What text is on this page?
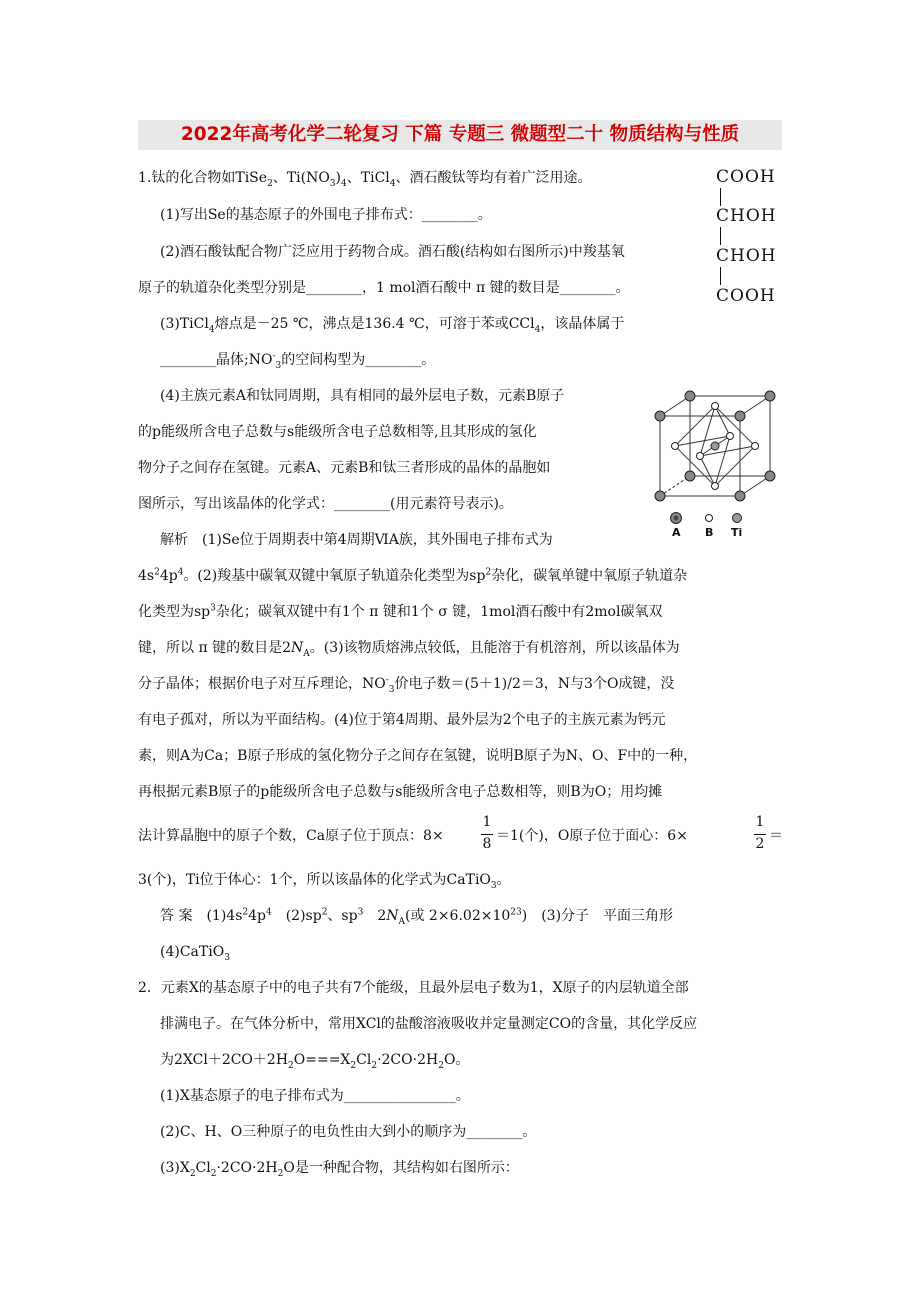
2022年高考化学二轮复习 下篇 专题三 微题型二十 物质结构与性质
1.钛的化合物如TiSe$_2$、$Ti(NO_3)_4$、TiCl$_4$、酒石酸钛等均有着广泛用途。
(1)写出Se的基态原子的外围电子排布式：________。
(2)酒石酸钛配合物广泛应用于药物合成。酒石酸(结构如右图所示)中羧基氧
原子的轨道杂化类型分别是________，1 mol酒石酸中 π 键的数目是________。
(3)TiCl$_4$熔点是－25 ℃，沸点是136.4 ℃，可溶于苯或CCl$_4$，该晶体属于
________晶体$;NO^-_3$的空间构型为________。
COOH
CHOH
CHOH
COOH
(4)主族元素A和钛同周期，具有相同的最外层电子数，元素B原子
的p能级所含电子总数与s能级所含电子总数相等,且其形成的氢化
物分子之间存在氢键。元素A、元素B和钛三者形成的晶体的晶胞如
图所示，写出该晶体的化学式：________(用元素符号表示)。
A B Ti
解析　(1)Se位于周期表中第4周期ⅥA族，其外围电子排布式为
$4s^24p^4$。(2)羧基中碳氧双键中氧原子轨道杂化类型为$sp^2$杂化，碳氧单键中氧原子轨道杂
化类型为$sp^3$杂化；碳氧双键中有1个 π 键和1个 σ 键，1mol酒石酸中有2mol碳氧双
键，所以 π 键的数目是$2N_A$。(3)该物质熔沸点较低，且能溶于有机溶剂，所以该晶体为
分子晶体；根据价电子对互斥理论，$NO^-_3$价电子数＝(5＋1)/2＝3，N与3个O成键，没
有电子孤对，所以为平面结构。(4)位于第4周期、最外层为2个电子的主族元素为钙元
素，则A为Ca；B原子形成的氢化物分子之间存在氢键，说明B原子为N、O、F中的一种，
再根据元素B原子的p能级所含电子总数与s能级所含电子总数相等，则B为O；用均摊
法计算晶胞中的原子个数，Ca原子位于顶点：8×
1
8 ＝1(个)，O原子位于面心：6×
1
2 ＝
3(个)，Ti位于体心：1个，所以该晶体的化学式为CaTiO$_3$。
答 案　$(1)4s^24p^4$　$(2)sp^2$、$sp^3$　$2N_A$(或 $2\times 6.02\times 10^{23}$)　(3)分子　平面三角形
(4)CaTiO$_3$
2．元素X的基态原子中的电子共有7个能级，且最外层电子数为1，X原子的内层轨道全部
排满电子。在气体分析中，常用XCl的盐酸溶液吸收并定量测定CO的含量，其化学反应
为$2XCl+2CO+2H_2O===X_2Cl_2\cdot 2CO\cdot 2H_2O$。
(1)X基态原子的电子排布式为________________。
(2)C、H、O三种原子的电负性由大到小的顺序为________。
$(3)X_2Cl_2\cdot 2CO\cdot 2H_2O$是一种配合物，其结构如右图所示：
